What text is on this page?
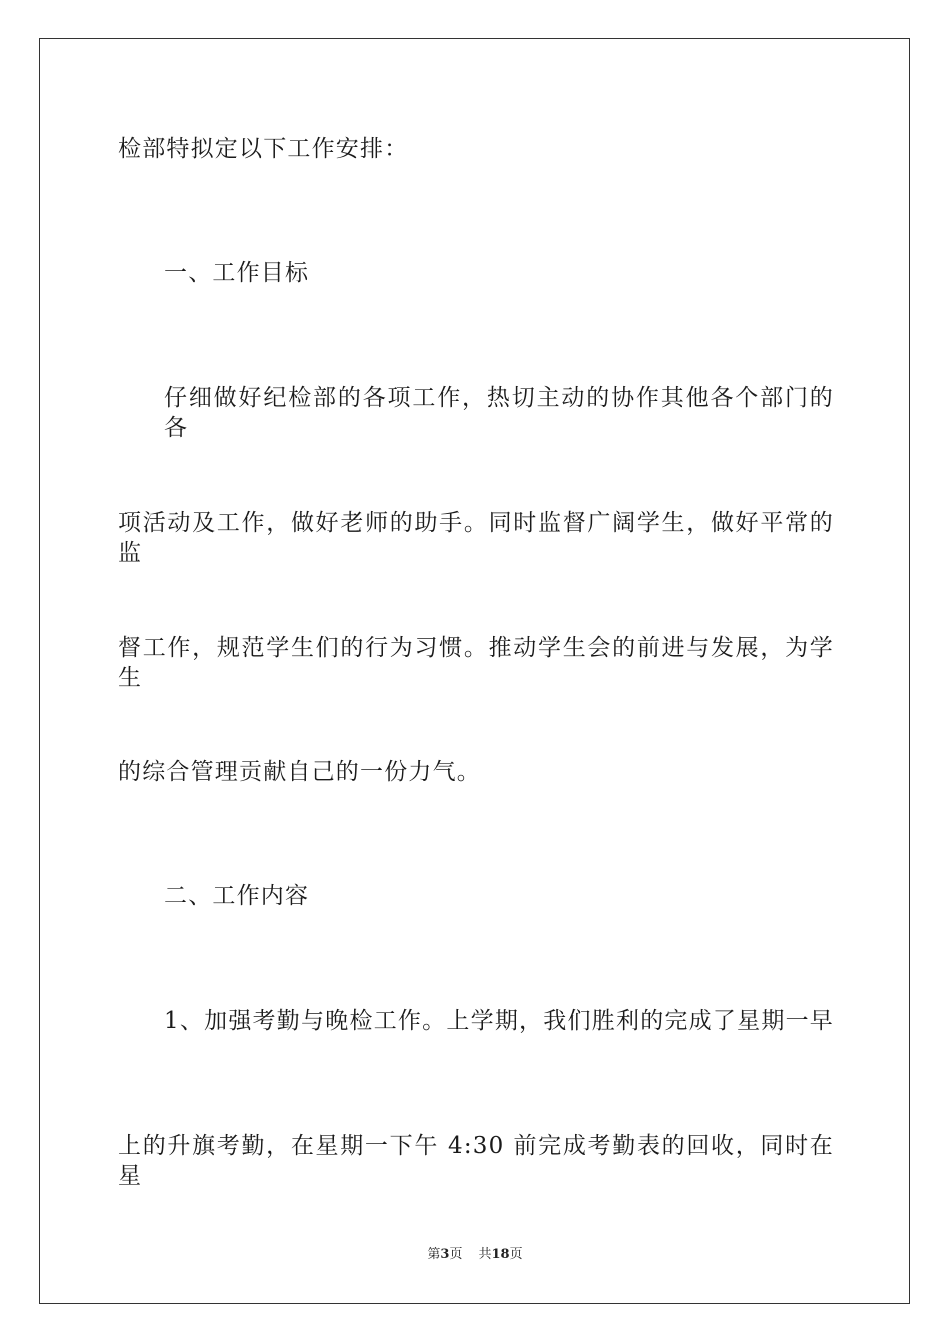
检部特拟定以下工作安排：
一、工作目标
仔细做好纪检部的各项工作，热切主动的协作其他各个部门的各
项活动及工作，做好老师的助手。同时监督广阔学生，做好平常的监
督工作，规范学生们的行为习惯。推动学生会的前进与发展，为学生
的综合管理贡献自己的一份力气。
二、工作内容
1、加强考勤与晚检工作。上学期，我们胜利的完成了星期一早
上的升旗考勤，在星期一下午 4:30 前完成考勤表的回收，同时在星
第3页 共18页
